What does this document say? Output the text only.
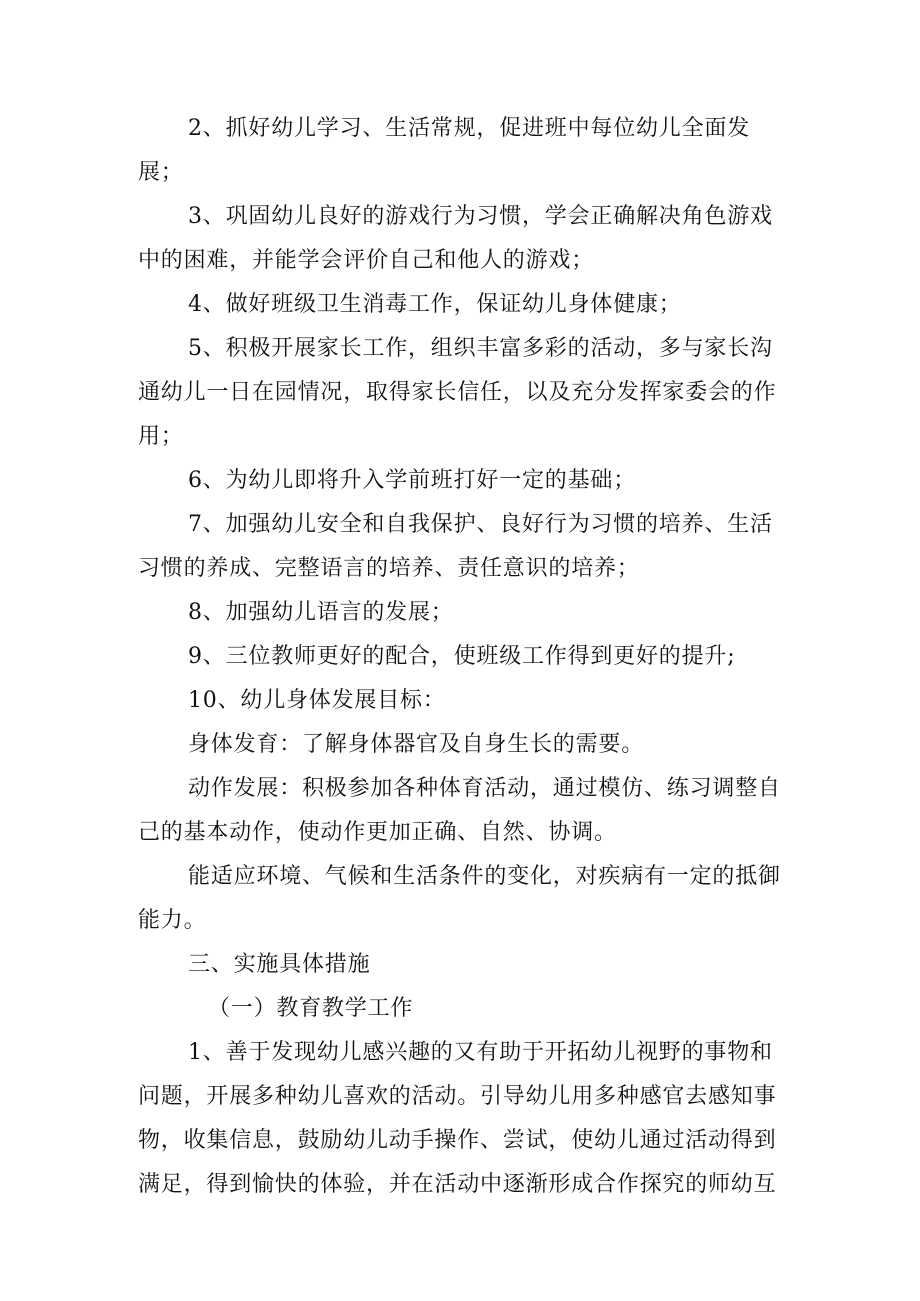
2、抓好幼儿学习、生活常规，促进班中每位幼儿全面发展；

3、巩固幼儿良好的游戏行为习惯，学会正确解决角色游戏中的困难，并能学会评价自己和他人的游戏；

4、做好班级卫生消毒工作，保证幼儿身体健康；

5、积极开展家长工作，组织丰富多彩的活动，多与家长沟通幼儿一日在园情况，取得家长信任，以及充分发挥家委会的作用；

6、为幼儿即将升入学前班打好一定的基础；

7、加强幼儿安全和自我保护、良好行为习惯的培养、生活习惯的养成、完整语言的培养、责任意识的培养；

8、加强幼儿语言的发展；

9、三位教师更好的配合，使班级工作得到更好的提升;

10、幼儿身体发展目标：

身体发育：了解身体器官及自身生长的需要。

动作发展：积极参加各种体育活动，通过模仿、练习调整自己的基本动作，使动作更加正确、自然、协调。

能适应环境、气候和生活条件的变化，对疾病有一定的抵御能力。

三、实施具体措施

（一）教育教学工作

1、善于发现幼儿感兴趣的又有助于开拓幼儿视野的事物和问题，开展多种幼儿喜欢的活动。引导幼儿用多种感官去感知事物，收集信息，鼓励幼儿动手操作、尝试，使幼儿通过活动得到满足，得到愉快的体验，并在活动中逐渐形成合作探究的师幼互
